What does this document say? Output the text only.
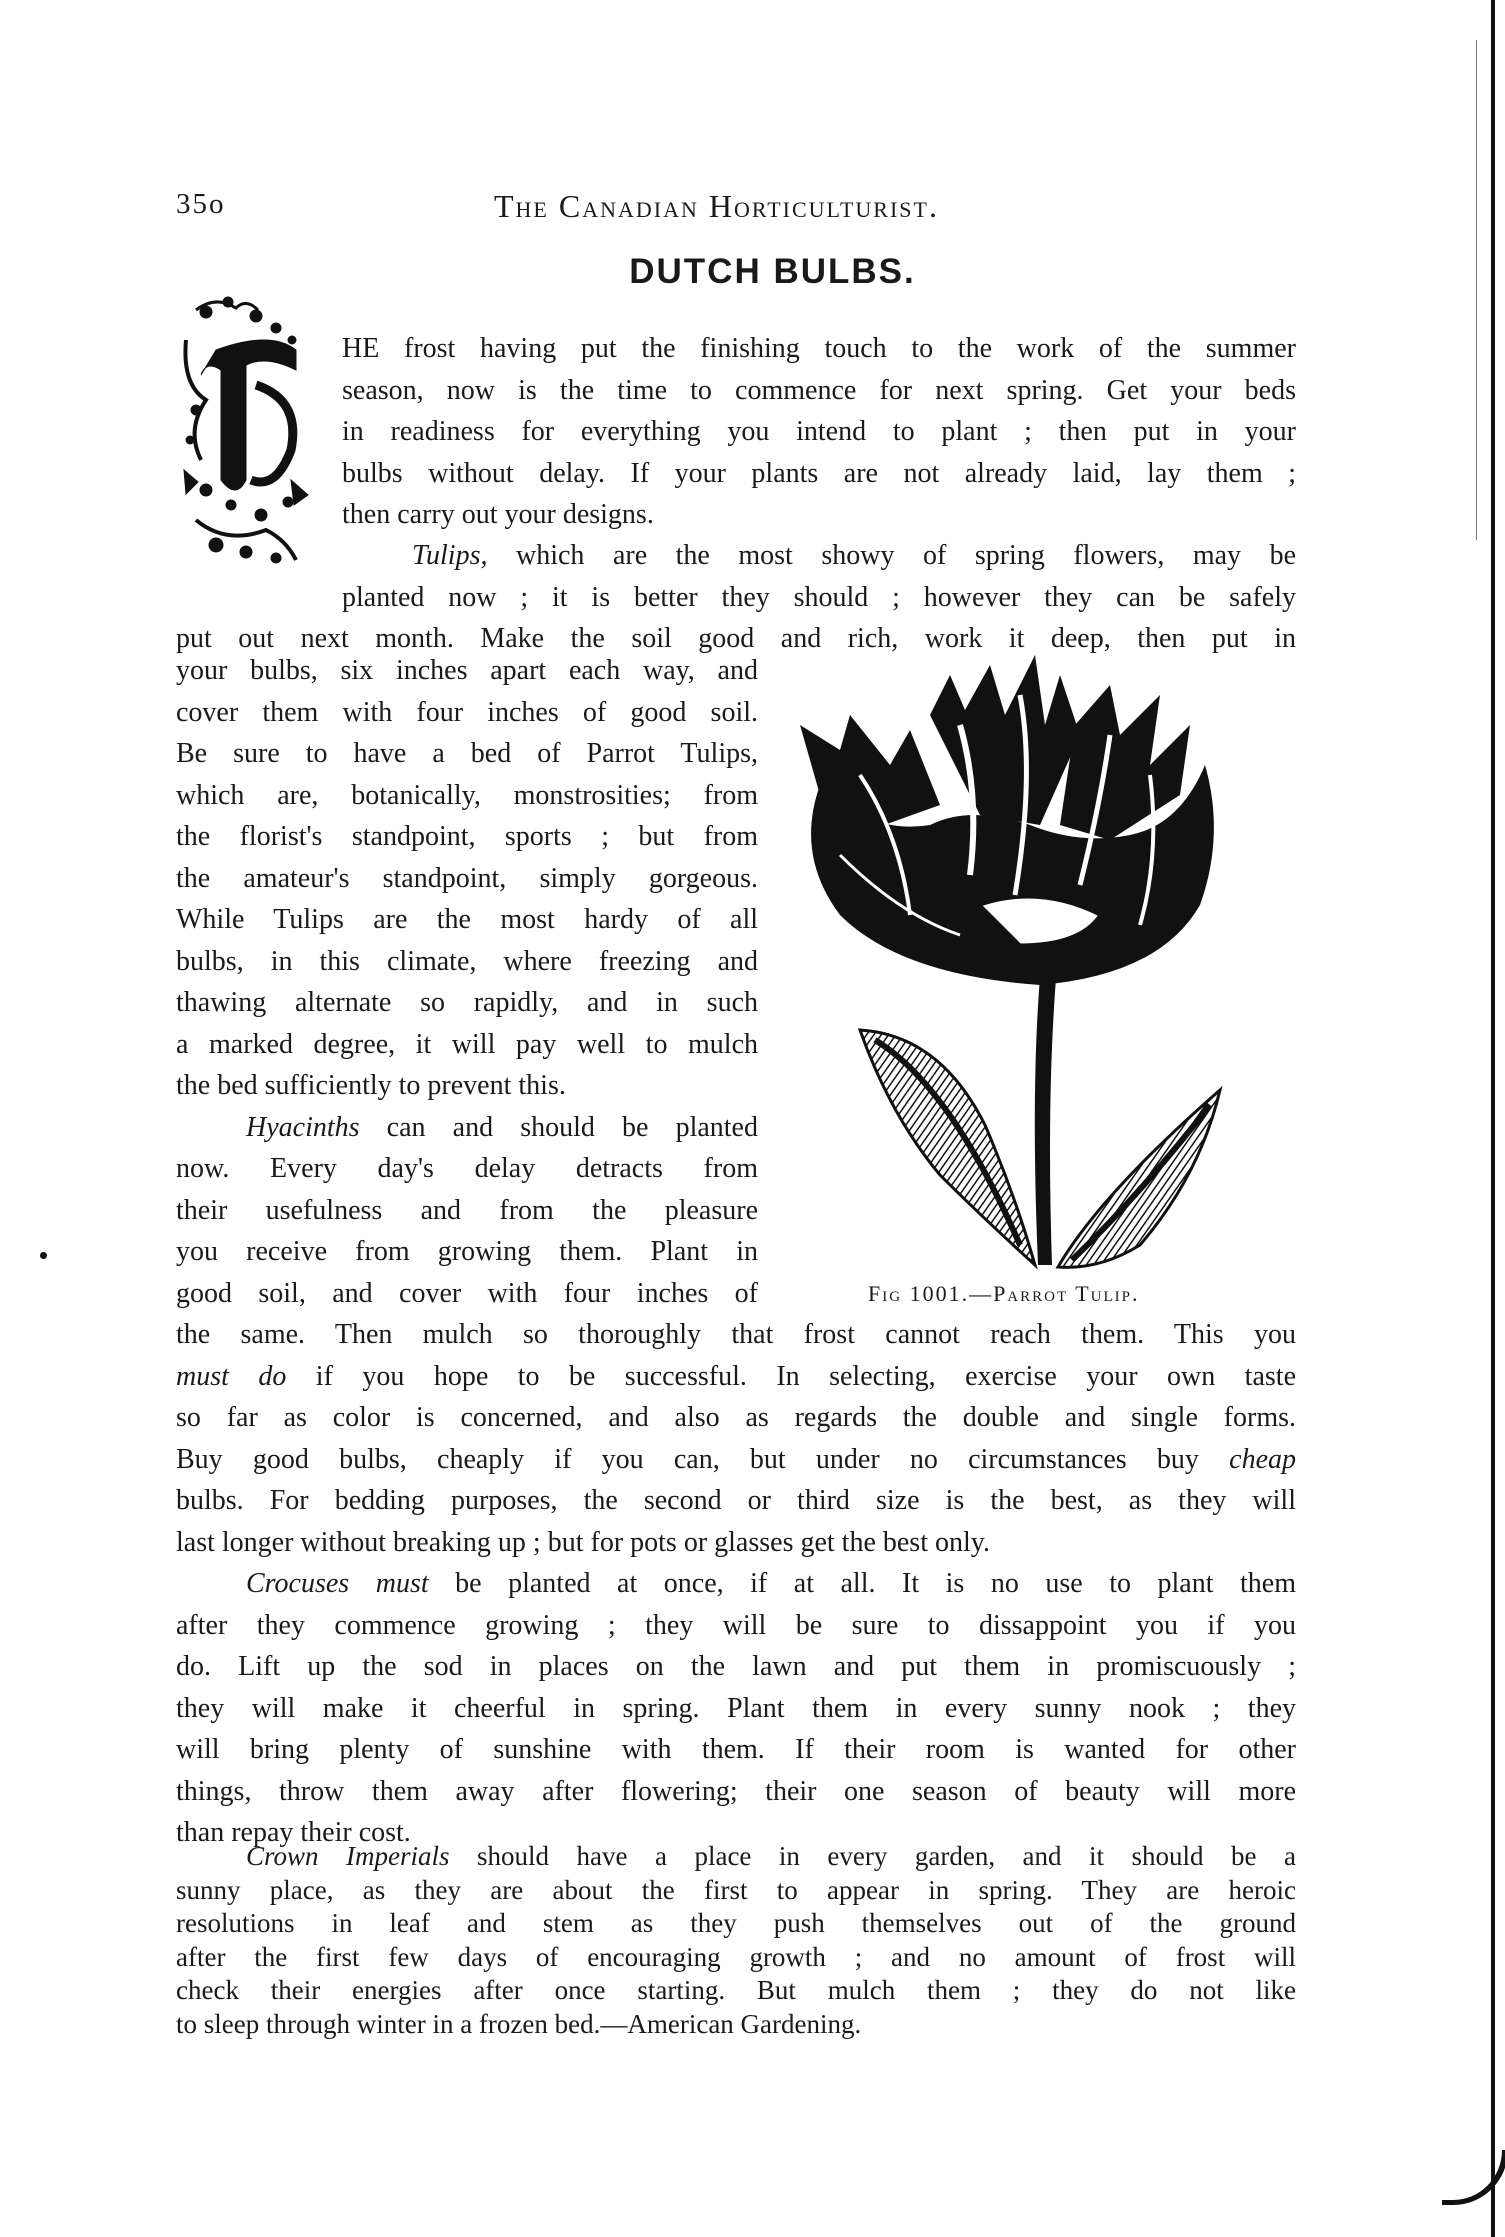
35o	The Canadian Horticulturist.
DUTCH BULBS.
HE frost having put the finishing touch to the work of the summer
season, now is the time to commence for next spring. Get your beds
in readiness for everything you intend to plant ; then put in your
bulbs without delay. If your plants are not already laid, lay them ;
then carry out your designs.
Tulips, which are the most showy of spring flowers, may be
planted now ; it is better they should ; however they can be safely
put out next month. Make the soil good and rich, work it deep, then put in
your bulbs, six inches apart each way, and
cover them with four inches of good soil.
Be sure to have a bed of Parrot Tulips,
which are, botanically, monstrosities; from
the florist's standpoint, sports ; but from
the amateur's standpoint, simply gorgeous.
While Tulips are the most hardy of all
bulbs, in this climate, where freezing and
thawing alternate so rapidly, and in such
a marked degree, it will pay well to mulch
the bed sufficiently to prevent this.
Hyacinths can and should be planted
now. Every day's delay detracts from
their usefulness and from the pleasure
you receive from growing them. Plant in
good soil, and cover with four inches of	Fig 1001.—Parrot Tulip.
the same. Then mulch so thoroughly that frost cannot reach them. This you
must do if you hope to be successful. In selecting, exercise your own taste
so far as color is concerned, and also as regards the double and single forms.
Buy good bulbs, cheaply if you can, but under no circumstances buy cheap
bulbs. For bedding purposes, the second or third size is the best, as they will
last longer without breaking up ; but for pots or glasses get the best only.
Crocuses must be planted at once, if at all. It is no use to plant them
after they commence growing ; they will be sure to dissappoint you if you
do. Lift up the sod in places on the lawn and put them in promiscuously ;
they will make it cheerful in spring. Plant them in every sunny nook ; they
will bring plenty of sunshine with them. If their room is wanted for other
things, throw them away after flowering; their one season of beauty will more
than repay their cost.
Crown Imperials should have a place in every garden, and it should be a
sunny place, as they are about the first to appear in spring. They are heroic
resolutions in leaf and stem as they push themselves out of the ground
after the first few days of encouraging growth ; and no amount of frost will
check their energies after once starting. But mulch them ; they do not like
to sleep through winter in a frozen bed.—American Gardening.
